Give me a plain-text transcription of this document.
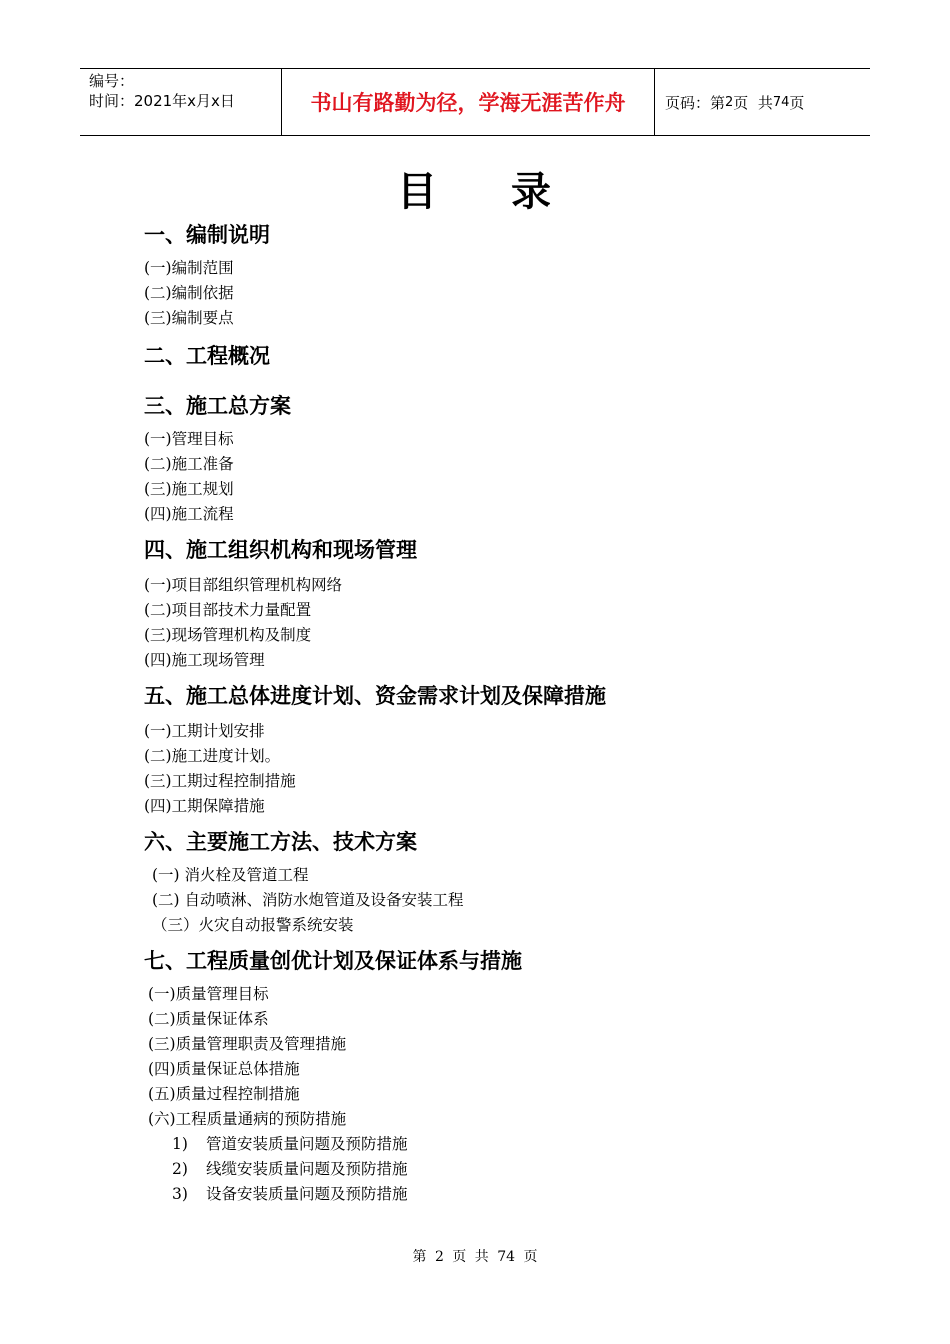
编号：
时间：2021年x月x日	书山有路勤为径，学海无涯苦作舟	页码：第 2 页  共 74 页
目 录
一、编制说明
(一)编制范围
(二)编制依据
(三)编制要点
二、工程概况
三、施工总方案
(一)管理目标
(二)施工准备
(三)施工规划
(四)施工流程
四、施工组织机构和现场管理
(一)项目部组织管理机构网络
(二)项目部技术力量配置
(三)现场管理机构及制度
(四)施工现场管理
五、施工总体进度计划、资金需求计划及保障措施
(一)工期计划安排
(二)施工进度计划。
(三)工期过程控制措施
(四)工期保障措施
六、主要施工方法、技术方案
(一) 消火栓及管道工程
(二) 自动喷淋、消防水炮管道及设备安装工程
（三）火灾自动报警系统安装
七、工程质量创优计划及保证体系与措施
(一)质量管理目标
(二)质量保证体系
(三)质量管理职责及管理措施
(四)质量保证总体措施
(五)质量过程控制措施
(六)工程质量通病的预防措施
1) 管道安装质量问题及预防措施
2) 线缆安装质量问题及预防措施
3) 设备安装质量问题及预防措施
第 2 页 共 74 页
